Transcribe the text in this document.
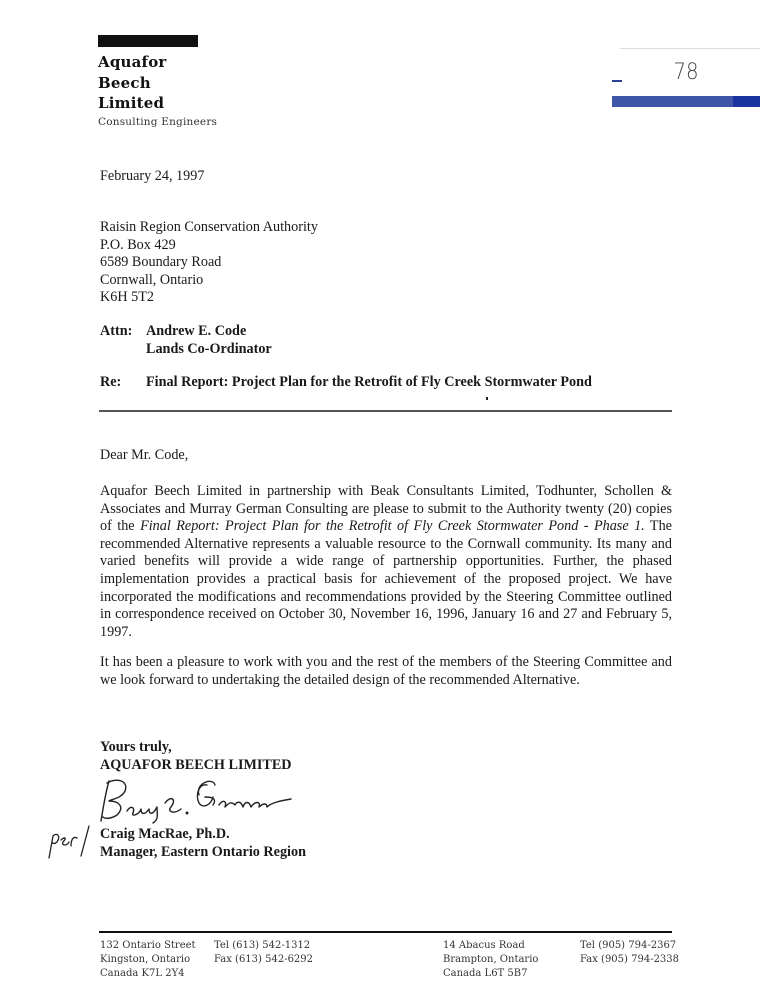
Aquafor
Beech
Limited
Consulting Engineers
78
February 24, 1997
Raisin Region Conservation Authority
P.O. Box 429
6589 Boundary Road
Cornwall, Ontario
K6H 5T2
Attn: Andrew E. Code
Lands Co-Ordinator
Re: Final Report: Project Plan for the Retrofit of Fly Creek Stormwater Pond
Dear Mr. Code,
Aquafor Beech Limited in partnership with Beak Consultants Limited, Todhunter, Schollen & Associates and Murray German Consulting are please to submit to the Authority twenty (20) copies of the Final Report: Project Plan for the Retrofit of Fly Creek Stormwater Pond - Phase 1. The recommended Alternative represents a valuable resource to the Cornwall community. Its many and varied benefits will provide a wide range of partnership opportunities. Further, the phased implementation provides a practical basis for achievement of the proposed project. We have incorporated the modifications and recommendations provided by the Steering Committee outlined in correspondence received on October 30, November 16, 1996, January 16 and 27 and February 5, 1997.
It has been a pleasure to work with you and the rest of the members of the Steering Committee and we look forward to undertaking the detailed design of the recommended Alternative.
Yours truly,
AQUAFOR BEECH LIMITED
Craig MacRae, Ph.D.
Manager, Eastern Ontario Region
132 Ontario Street
Kingston, Ontario
Canada K7L 2Y4
Tel (613) 542-1312
Fax (613) 542-6292
14 Abacus Road
Brampton, Ontario
Canada L6T 5B7
Tel (905) 794-2367
Fax (905) 794-2338
